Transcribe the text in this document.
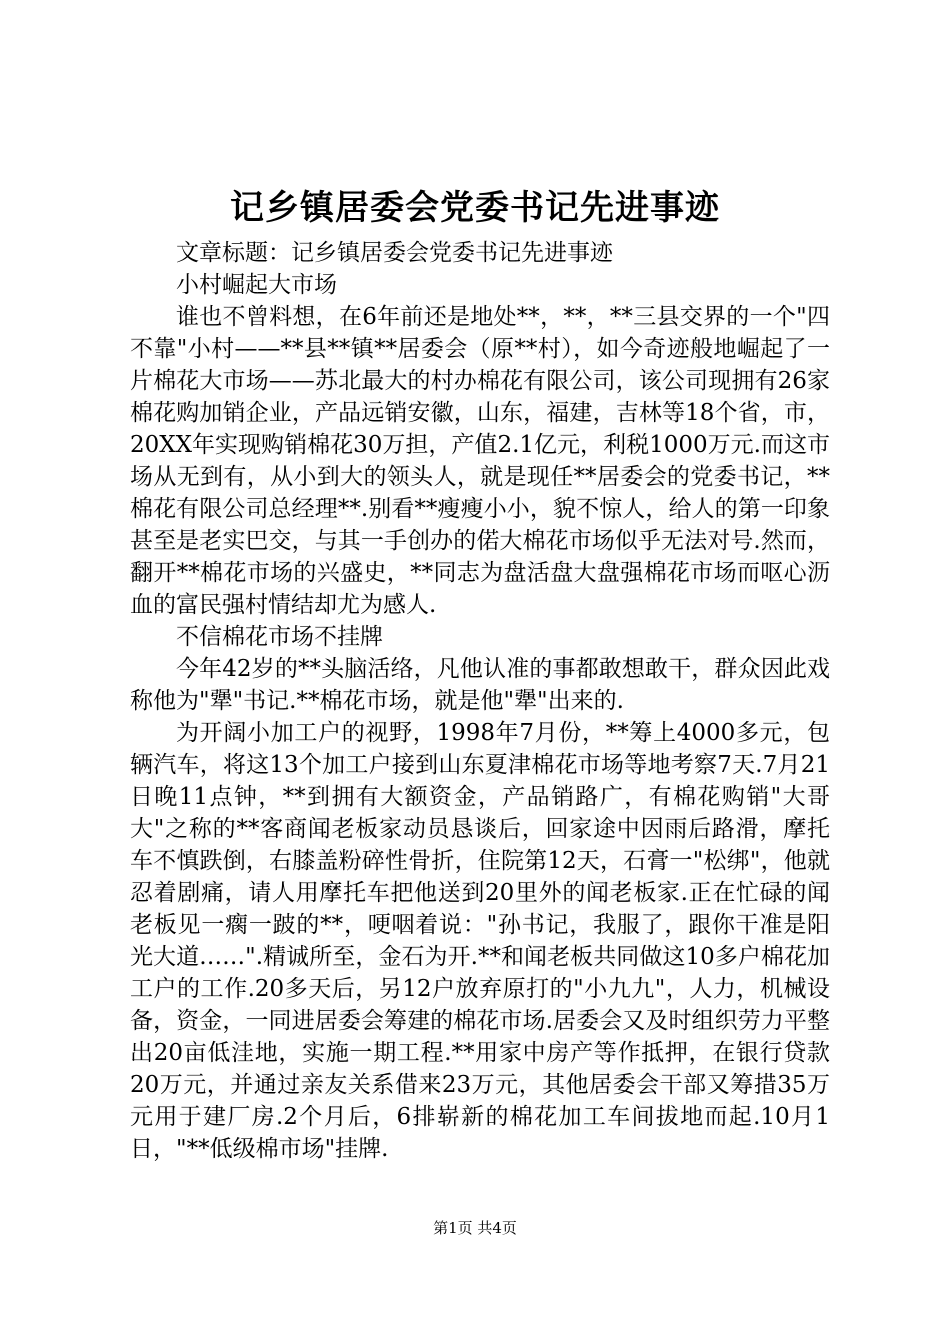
记乡镇居委会党委书记先进事迹

文章标题：记乡镇居委会党委书记先进事迹

小村崛起大市场

谁也不曾料想，在6年前还是地处**，**，**三县交界的一个"四不靠"小村——**县**镇**居委会（原**村），如今奇迹般地崛起了一片棉花大市场——苏北最大的村办棉花有限公司，该公司现拥有26家棉花购加销企业，产品远销安徽，山东，福建，吉林等18个省，市，20XX年实现购销棉花30万担，产值2.1亿元，利税1000万元.而这市场从无到有，从小到大的领头人，就是现任**居委会的党委书记，**棉花有限公司总经理**.别看**瘦瘦小小，貌不惊人，给人的第一印象甚至是老实巴交，与其一手创办的偌大棉花市场似乎无法对号.然而，翻开**棉花市场的兴盛史，**同志为盘活盘大盘强棉花市场而呕心沥血的富民强村情结却尤为感人.

不信棉花市场不挂牌

今年42岁的**头脑活络，凡他认准的事都敢想敢干，群众因此戏称他为"犟"书记.**棉花市场，就是他"犟"出来的.

为开阔小加工户的视野，1998年7月份，**筹上4000多元，包辆汽车，将这13个加工户接到山东夏津棉花市场等地考察7天.7月21日晚11点钟，**到拥有大额资金，产品销路广，有棉花购销"大哥大"之称的**客商闻老板家动员恳谈后，回家途中因雨后路滑，摩托车不慎跌倒，右膝盖粉碎性骨折，住院第12天，石膏一"松绑"，他就忍着剧痛，请人用摩托车把他送到20里外的闻老板家.正在忙碌的闻老板见一瘸一跛的**，哽咽着说："孙书记，我服了，跟你干准是阳光大道……".精诚所至，金石为开.**和闻老板共同做这10多户棉花加工户的工作.20多天后，另12户放弃原打的"小九九"，人力，机械设备，资金，一同进居委会筹建的棉花市场.居委会又及时组织劳力平整出20亩低洼地，实施一期工程.**用家中房产等作抵押，在银行贷款20万元，并通过亲友关系借来23万元，其他居委会干部又筹措35万元用于建厂房.2个月后，6排崭新的棉花加工车间拔地而起.10月1日，"**低级棉市场"挂牌.

第1页 共4页
